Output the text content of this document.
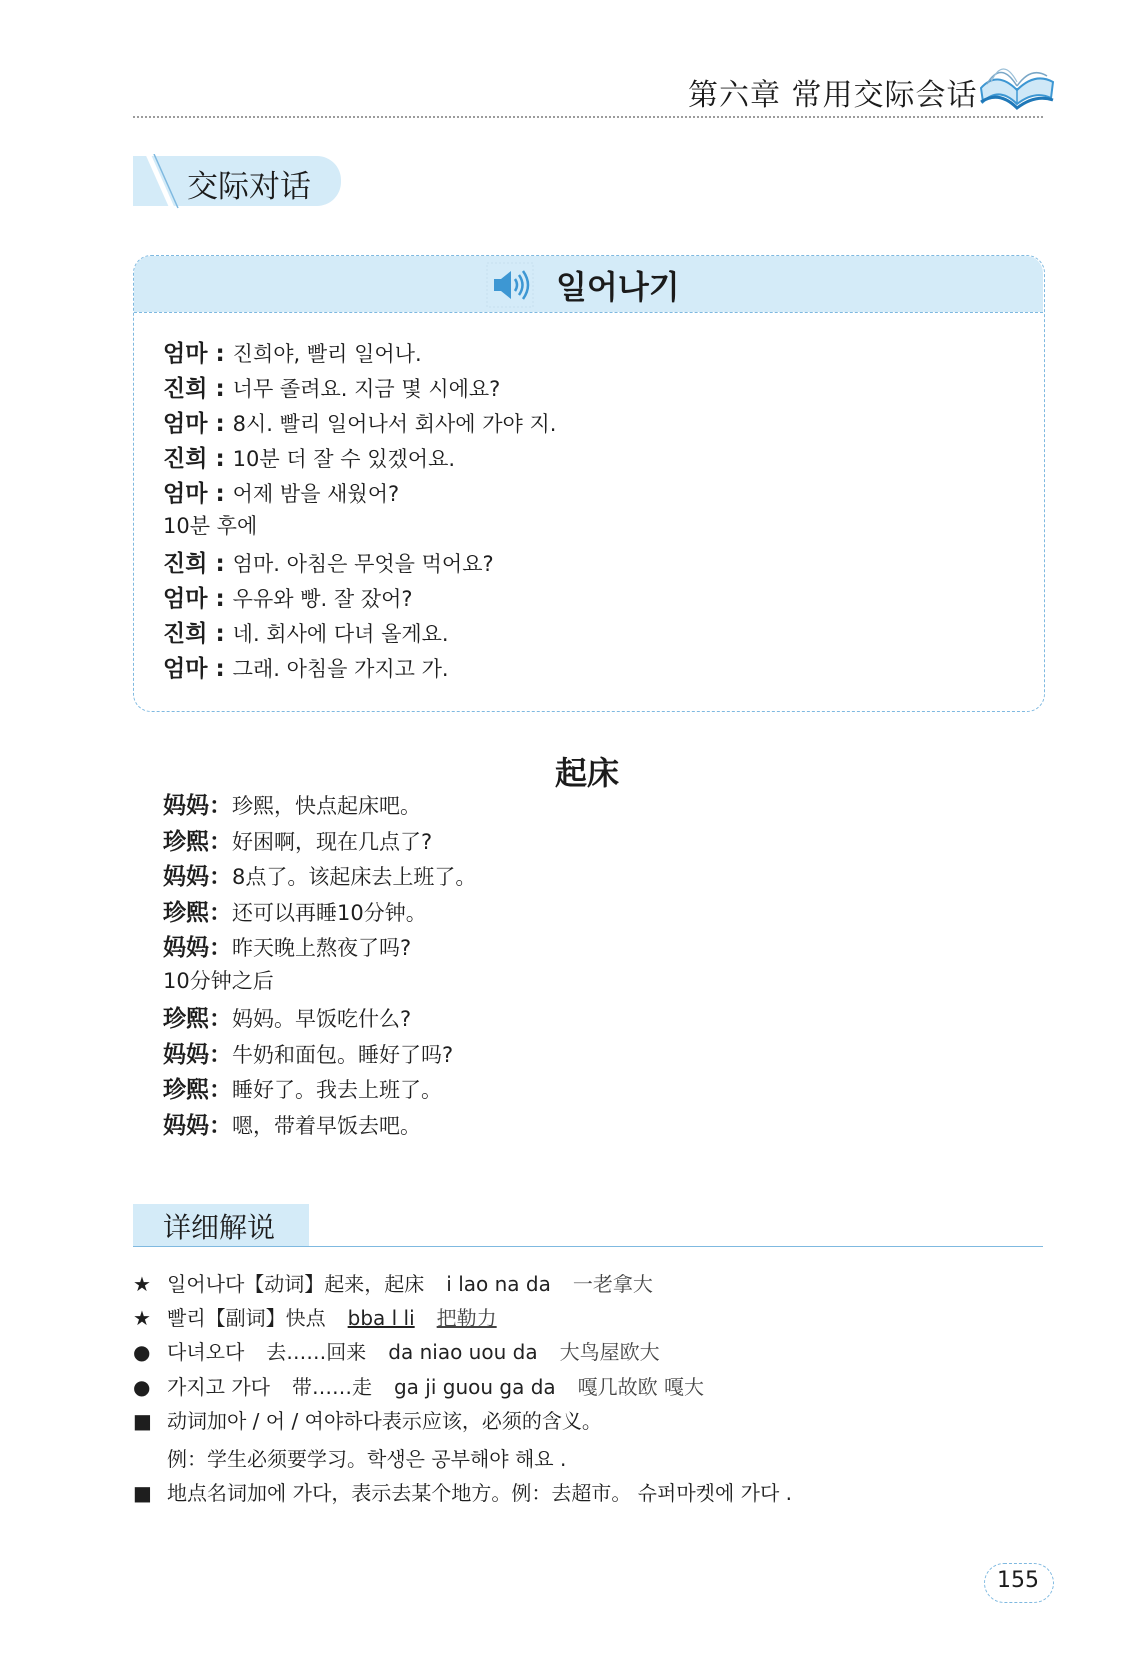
第六章 常用交际会话
交际对话
일어나기
엄마 : 진희야, 빨리 일어나.
진희 : 너무 졸려요. 지금 몇 시에요?
엄마 : 8시. 빨리 일어나서 회사에 가야 지.
진희 : 10분 더 잘 수 있겠어요.
엄마 : 어제 밤을 새웠어?
10분 후에
진희 : 엄마. 아침은 무엇을 먹어요?
엄마 : 우유와 빵. 잘 잤어?
진희 : 네. 회사에 다녀 올게요.
엄마 : 그래. 아침을 가지고 가.
起床
妈妈：珍熙，快点起床吧。
珍熙：好困啊，现在几点了?
妈妈：8点了。该起床去上班了。
珍熙：还可以再睡10分钟。
妈妈：昨天晚上熬夜了吗?
10分钟之后
珍熙：妈妈。早饭吃什么?
妈妈：牛奶和面包。睡好了吗?
珍熙：睡好了。我去上班了。
妈妈：嗯，带着早饭去吧。
详细解说
★ 일어나다【动词】起来，起床 i lao na da 一老拿大
★ 빨리【副词】快点 bba l li 把勒力
● 다녀오다 去……回来 da niao uou da 大鸟屋欧大
● 가지고 가다 带……走 ga ji guou ga da 嘎几故欧 嘎大
■ 动词加아 / 어 / 여야하다表示应该，必须的含义。
例：学生必须要学习。학생은 공부해야 해요 .
■ 地点名词加에 가다，表示去某个地方。例：去超市。 슈퍼마켓에 가다 .
155
